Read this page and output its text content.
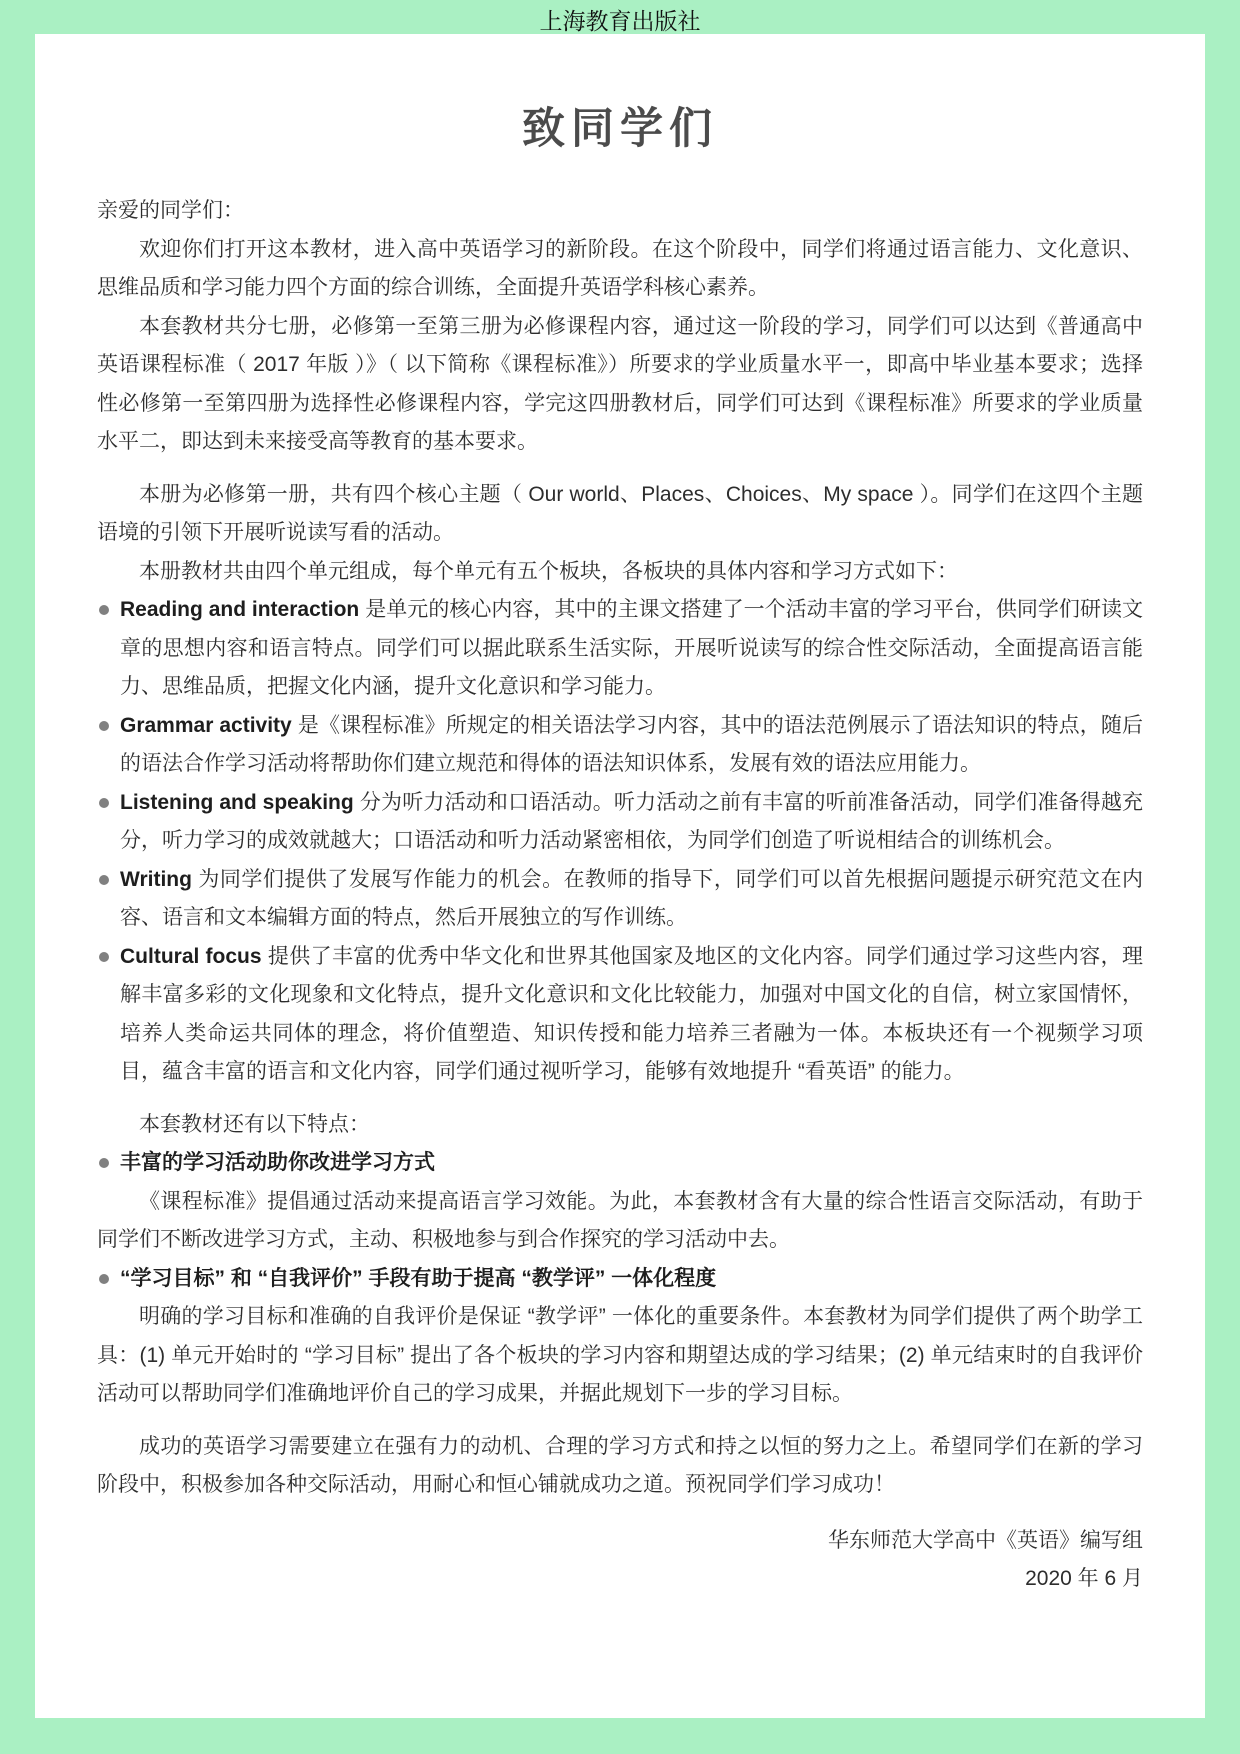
上海教育出版社
致同学们

亲爱的同学们：

欢迎你们打开这本教材，进入高中英语学习的新阶段。在这个阶段中，同学们将通过语言能力、文化意识、思维品质和学习能力四个方面的综合训练，全面提升英语学科核心素养。

本套教材共分七册，必修第一至第三册为必修课程内容，通过这一阶段的学习，同学们可以达到《普通高中英语课程标准（ 2017 年版 ）》（ 以下简称《课程标准》）所要求的学业质量水平一，即高中毕业基本要求；选择性必修第一至第四册为选择性必修课程内容，学完这四册教材后，同学们可达到《课程标准》所要求的学业质量水平二，即达到未来接受高等教育的基本要求。

本册为必修第一册，共有四个核心主题（ Our world、Places、Choices、My space ）。同学们在这四个主题语境的引领下开展听说读写看的活动。

本册教材共由四个单元组成，每个单元有五个板块，各板块的具体内容和学习方式如下：

Reading and interaction 是单元的核心内容，其中的主课文搭建了一个活动丰富的学习平台，供同学们研读文章的思想内容和语言特点。同学们可以据此联系生活实际，开展听说读写的综合性交际活动，全面提高语言能力、思维品质，把握文化内涵，提升文化意识和学习能力。
Grammar activity 是《课程标准》所规定的相关语法学习内容，其中的语法范例展示了语法知识的特点，随后的语法合作学习活动将帮助你们建立规范和得体的语法知识体系，发展有效的语法应用能力。
Listening and speaking 分为听力活动和口语活动。听力活动之前有丰富的听前准备活动，同学们准备得越充分，听力学习的成效就越大；口语活动和听力活动紧密相依，为同学们创造了听说相结合的训练机会。
Writing 为同学们提供了发展写作能力的机会。在教师的指导下，同学们可以首先根据问题提示研究范文在内容、语言和文本编辑方面的特点，然后开展独立的写作训练。
Cultural focus 提供了丰富的优秀中华文化和世界其他国家及地区的文化内容。同学们通过学习这些内容，理解丰富多彩的文化现象和文化特点，提升文化意识和文化比较能力，加强对中国文化的自信，树立家国情怀，培养人类命运共同体的理念，将价值塑造、知识传授和能力培养三者融为一体。本板块还有一个视频学习项目，蕴含丰富的语言和文化内容，同学们通过视听学习，能够有效地提升 “看英语” 的能力。

本套教材还有以下特点：

丰富的学习活动助你改进学习方式

《课程标准》提倡通过活动来提高语言学习效能。为此，本套教材含有大量的综合性语言交际活动，有助于同学们不断改进学习方式，主动、积极地参与到合作探究的学习活动中去。

“学习目标” 和 “自我评价” 手段有助于提高 “教学评” 一体化程度

明确的学习目标和准确的自我评价是保证 “教学评” 一体化的重要条件。本套教材为同学们提供了两个助学工具：(1) 单元开始时的 “学习目标” 提出了各个板块的学习内容和期望达成的学习结果；(2) 单元结束时的自我评价活动可以帮助同学们准确地评价自己的学习成果，并据此规划下一步的学习目标。

成功的英语学习需要建立在强有力的动机、合理的学习方式和持之以恒的努力之上。希望同学们在新的学习阶段中，积极参加各种交际活动，用耐心和恒心铺就成功之道。预祝同学们学习成功！

华东师范大学高中《英语》编写组
2020 年 6 月
